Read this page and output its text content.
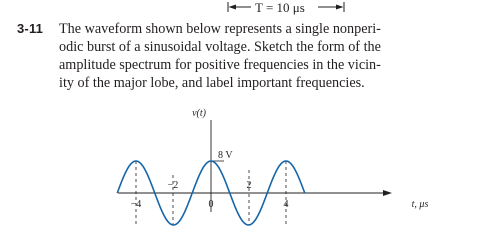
T = 10 μs
3-11 The waveform shown below represents a single nonperi-
odic burst of a sinusoidal voltage. Sketch the form of the
amplitude spectrum for positive frequencies in the vicin-
ity of the major lobe, and label important frequencies.
v(t)
8 V
−4
−2
0
2
4	t, μs
